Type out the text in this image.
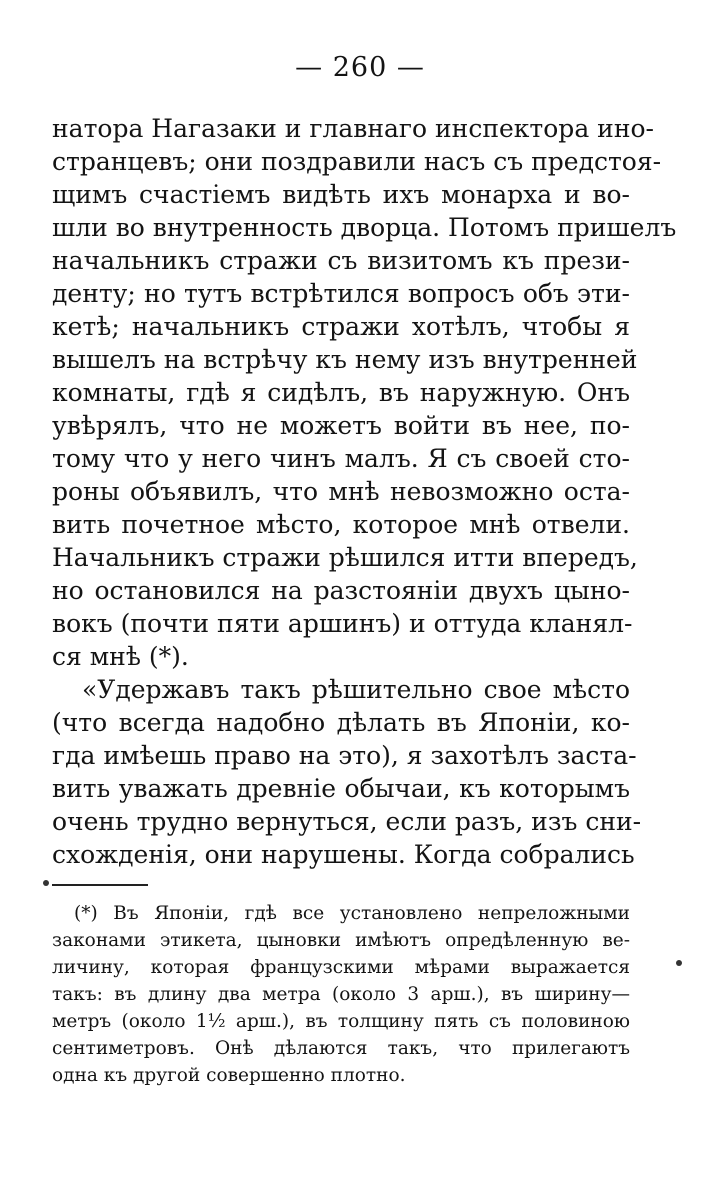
— 260 —
натора Нагазаки и главнаго инспектора ино-
странцевъ; они поздравили насъ съ предстоя-
щимъ счастіемъ видѣть ихъ монарха и во-
шли во внутренность дворца. Потомъ пришелъ
начальникъ стражи съ визитомъ къ прези-
денту; но тутъ встрѣтился вопросъ объ эти-
кетѣ; начальникъ стражи хотѣлъ, чтобы я
вышелъ на встрѣчу къ нему изъ внутренней
комнаты, гдѣ я сидѣлъ, въ наружную. Онъ
увѣрялъ, что не можетъ войти въ нее, по-
тому что у него чинъ малъ. Я съ своей сто-
роны объявилъ, что мнѣ невозможно оста-
вить почетное мѣсто, которое мнѣ отвели.
Начальникъ стражи рѣшился итти впередъ,
но остановился на разстояніи двухъ цыно-
вокъ (почти пяти аршинъ) и оттуда кланял-
ся мнѣ (*).
«Удержавъ такъ рѣшительно свое мѣсто
(что всегда надобно дѣлать въ Японіи, ко-
гда имѣешь право на это), я захотѣлъ заста-
вить уважать древніе обычаи, къ которымъ
очень трудно вернуться, если разъ, изъ сни-
схожденія, они нарушены. Когда собрались
(*) Въ Японіи, гдѣ все установлено непреложными
законами этикета, цыновки имѣютъ опредѣленную ве-
личину, которая французскими мѣрами выражается
такъ: въ длину два метра (около 3 арш.), въ ширину—
метръ (около 1½ арш.), въ толщину пять съ половиною
сентиметровъ. Онѣ дѣлаются такъ, что прилегаютъ
одна къ другой совершенно плотно.
